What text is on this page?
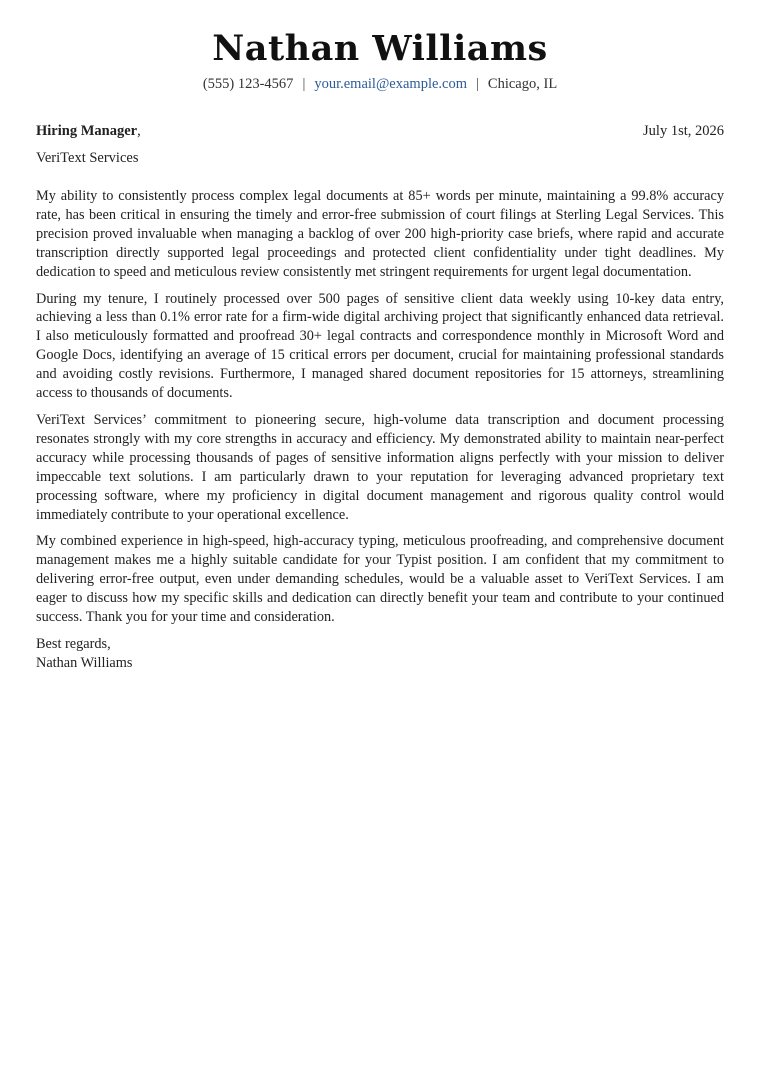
Nathan Williams
(555) 123-4567 | your.email@example.com | Chicago, IL
Hiring Manager,	July 1st, 2026
VeriText Services

My ability to consistently process complex legal documents at 85+ words per minute, maintaining a 99.8% accuracy rate, has been critical in ensuring the timely and error-free submission of court filings at Sterling Legal Services. This precision proved invaluable when managing a backlog of over 200 high-priority case briefs, where rapid and accurate transcription directly supported legal proceedings and protected client confidentiality under tight deadlines. My dedication to speed and meticulous review consistently met stringent requirements for urgent legal documentation.

During my tenure, I routinely processed over 500 pages of sensitive client data weekly using 10-key data entry, achieving a less than 0.1% error rate for a firm-wide digital archiving project that significantly enhanced data retrieval. I also meticulously formatted and proofread 30+ legal contracts and correspondence monthly in Microsoft Word and Google Docs, identifying an average of 15 critical errors per document, crucial for maintaining professional standards and avoiding costly revisions. Furthermore, I managed shared document repositories for 15 attorneys, streamlining access to thousands of documents.

VeriText Services’ commitment to pioneering secure, high-volume data transcription and document processing resonates strongly with my core strengths in accuracy and efficiency. My demonstrated ability to maintain near-perfect accuracy while processing thousands of pages of sensitive information aligns perfectly with your mission to deliver impeccable text solutions. I am particularly drawn to your reputation for leveraging advanced proprietary text processing software, where my proficiency in digital document management and rigorous quality control would immediately contribute to your operational excellence.

My combined experience in high-speed, high-accuracy typing, meticulous proofreading, and comprehensive document management makes me a highly suitable candidate for your Typist position. I am confident that my commitment to delivering error-free output, even under demanding schedules, would be a valuable asset to VeriText Services. I am eager to discuss how my specific skills and dedication can directly benefit your team and contribute to your continued success. Thank you for your time and consideration.

Best regards,
Nathan Williams
